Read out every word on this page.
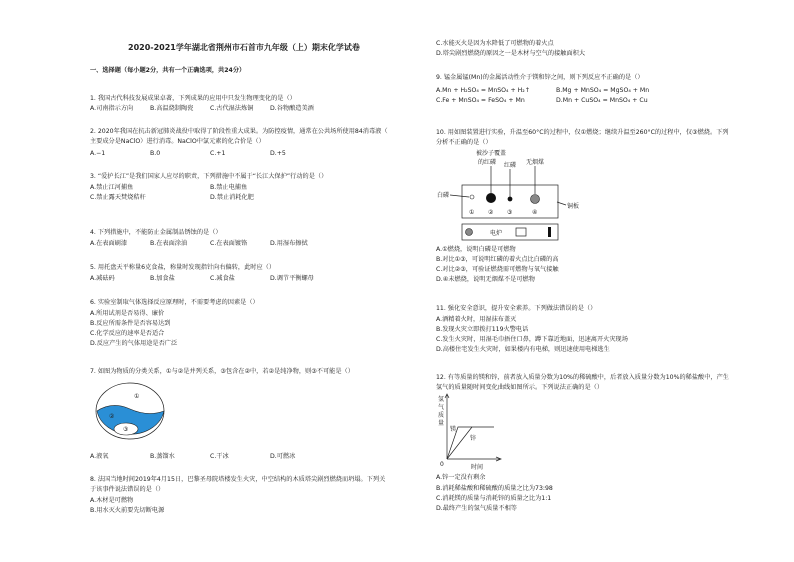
2020-2021学年湖北省荆州市石首市九年级（上）期末化学试卷
一、选择题（每小题2分，共有一个正确选项，共24分）
1. 我国古代科技发展成果卓著，下列成果的应用中只发生物理变化的是（）
A.司南指示方向	B.高温烧制陶瓷	C.古代湿法炼铜	D.谷物酿造美酒
2. 2020年我国在抗击新冠肺炎战役中取得了阶段性重大成果。为防控疫情，通常在公共场所使用84消毒液（
主要成分是NaClO）进行消毒。NaClO中氯元素的化合价是（）
A.−1	B.0	C.+1	D.+5
3. “爱护长江”是我们国家人应尽的职责，下列措施中不属于“长江大保护”行动的是（）
A.禁止江河捕鱼	B.禁止电捕鱼
C.禁止露天焚烧秸秆	D.禁止消耗化肥
4. 下列措施中，不能防止金属制品锈蚀的是（）
A.在表面刷漆	B.在表面涂油	C.在表面镀铬	D.用湿布擦拭
5. 用托盘天平称量6克食盐，称量时发现指针向右偏转，此时应（）
A.减砝码	B.加食盐	C.减食盐	D.调节平衡螺母
6. 实验室制取气体选择反应原理时，不需要考虑的因素是（）
A.所用试剂是否易得、廉价
B.反应所需条件是否容易达到
C.化学反应的速率是否适合
D.反应产生的气体用途是否广泛
7. 如图为物质的分类关系，①与②是并列关系，③包含在②中，若②是纯净物，则③不可能是（）
①
②
③
A.液氧	B.蒸馏水	C.干冰	D.可燃冰
8. 法国当地时间2019年4月15日，巴黎圣母院塔楼发生火灾，中空结构的木质塔尖剧烈燃烧而坍塌。下列关
于该事件说法错误的是（）
A.木材是可燃物
B.用水灭火前要先切断电源
C.水能灭火是因为水降低了可燃物的着火点
D.塔尖剧烈燃烧的原因之一是木材与空气的接触面积大
9. 锰金属锰(Mn)的金属活动性介于镁和锌之间，则下列反应不正确的是（）
A.Mn + H₂SO₄ = MnSO₄ + H₂↑	B.Mg + MnSO₄ = MgSO₄ + Mn
C.Fe + MnSO₄ = FeSO₄ + Mn	D.Mn + CuSO₄ = MnSO₄ + Cu
10. 用如图装置进行实验，升温至60°C的过程中，仅①燃烧；继续升温至260°C的过程中，仅③燃烧。下列
分析不正确的是（）
被沙子覆盖
的红磷 红磷 无烟煤
白磷
① ② ③	④
铜板
电炉
A.①燃烧，说明白磷是可燃物
B.对比①③，可说明红磷的着火点比白磷的高
C.对比②③，可验证燃烧需可燃物与氧气接触
D.④未燃烧，说明无烟煤不是可燃物
11. 强化安全意识，提升安全素养。下列做法错误的是（）
A.酒精着火时，用湿抹布盖灭
B.发现火灾立即拨打119火警电话
C.发生火灾时，用湿毛巾捂住口鼻，蹲下靠近地面，迅速离开火灾现场
D.高楼住宅发生火灾时，如果楼内有电梯，则迅速使用电梯逃生
12. 有等质量的镁和锌，前者放入质量分数为10%的稀硫酸中，后者放入质量分数为10%的稀盐酸中，产生
氢气的质量随时间变化曲线如图所示。下列说法正确的是（）
氢
气
质
量
镁
锌
0	时间
A.锌一定没有剩余
B.消耗稀盐酸和稀硫酸的质量之比为73:98
C.消耗镁的质量与消耗锌的质量之比为1:1
D.最终产生的氢气质量不相等
